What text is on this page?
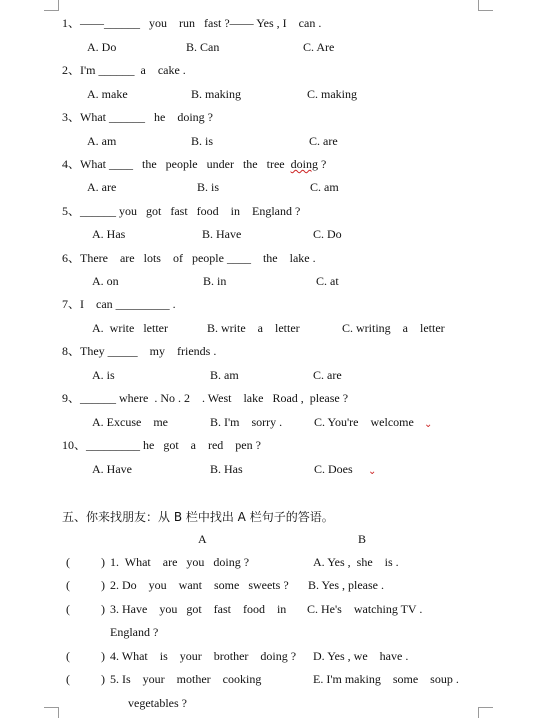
1、——______   you    run   fast ?—— Yes , I    can .
A. Do	B. Can	C. Are
2、I'm ______  a    cake .
A. make	B. making	C. making
3、What ______   he    doing ?
A. am	B. is	C. are
4、What ____   the   people   under   the   tree  doing ?
A. are	B. is	C. am
5、______ you   got   fast   food    in    England ?
A. Has	B. Have	C. Do
6、There    are   lots    of   people ____    the    lake .
A. on	B. in	C. at
7、I    can _________ .
A.  write   letter	B. write    a    letter	C. writing    a    letter
8、They _____    my    friends .
A. is	B. am	C. are
9、______ where  . No . 2    . West    lake   Road ,  please ?
A. Excuse    me	B. I'm    sorry .	C. You're    welcome ⌄
10、_________ he   got    a    red    pen ?
A. Have	B. Has	C. Does ⌄
五、你来找朋友：从 B 栏中找出 A 栏句子的答语。
A	B
(	) 1.  What    are   you   doing ?	A. Yes ,  she    is .
(	) 2. Do    you    want    some   sweets ? B. Yes , please .
(	) 3. Have    you   got    fast    food    in C. He's    watching TV .
England ?
(	) 4. What    is    your    brother    doing ? D. Yes , we    have .
(	) 5. Is    your    mother    cooking	E. I'm making    some    soup .
vegetables ?
